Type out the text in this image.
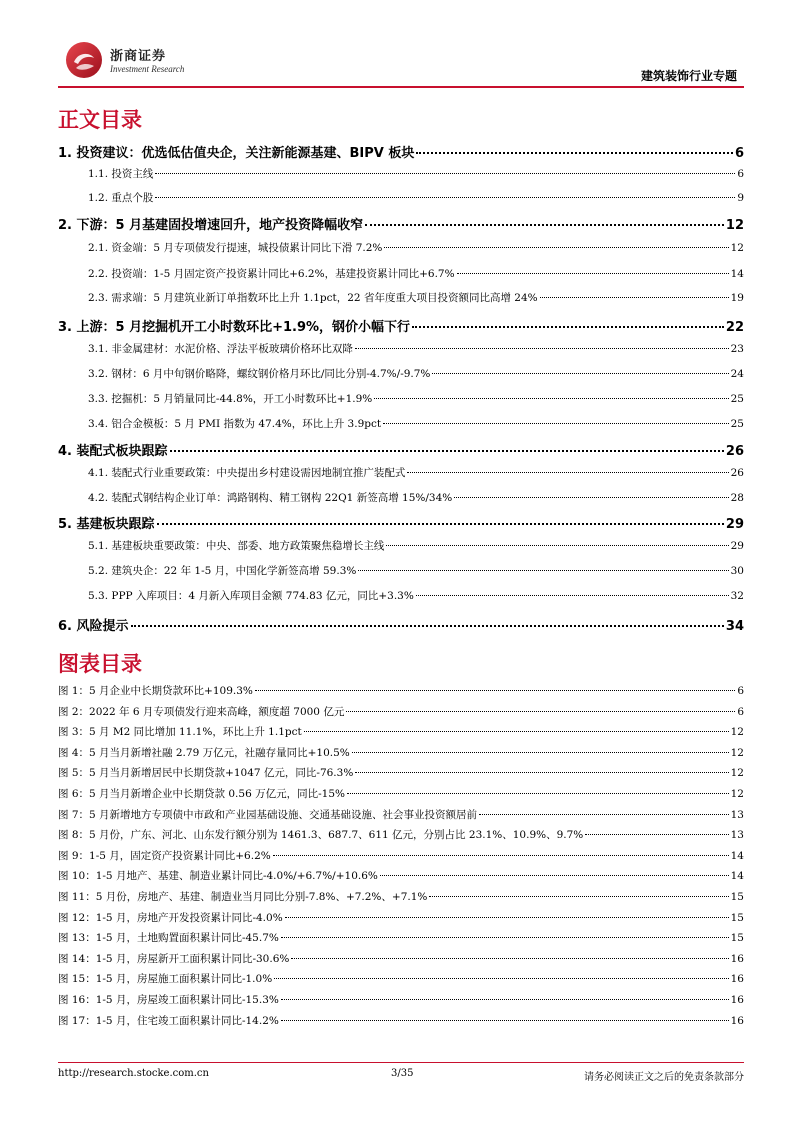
浙商证券
Investment Research	建筑装饰行业专题
正文目录
1. 投资建议：优选低估值央企，关注新能源基建、BIPV 板块	6
1.1. 投资主线	6
1.2. 重点个股	9
2. 下游：5 月基建固投增速回升，地产投资降幅收窄	12
2.1. 资金端：5 月专项债发行提速，城投债累计同比下滑 7.2%	12
2.2. 投资端：1-5 月固定资产投资累计同比+6.2%，基建投资累计同比+6.7%	14
2.3. 需求端：5 月建筑业新订单指数环比上升 1.1pct，22 省年度重大项目投资额同比高增 24%	19
3. 上游：5 月挖掘机开工小时数环比+1.9%，钢价小幅下行	22
3.1. 非金属建材：水泥价格、浮法平板玻璃价格环比双降	23
3.2. 钢材：6 月中旬钢价略降，螺纹钢价格月环比/同比分别-4.7%/-9.7%	24
3.3. 挖掘机：5 月销量同比-44.8%，开工小时数环比+1.9%	25
3.4. 铝合金模板：5 月 PMI 指数为 47.4%，环比上升 3.9pct	25
4. 装配式板块跟踪	26
4.1. 装配式行业重要政策：中央提出乡村建设需因地制宜推广装配式	26
4.2. 装配式钢结构企业订单：鸿路钢构、精工钢构 22Q1 新签高增 15%/34%	28
5. 基建板块跟踪	29
5.1. 基建板块重要政策：中央、部委、地方政策聚焦稳增长主线	29
5.2. 建筑央企：22 年 1-5 月，中国化学新签高增 59.3%	30
5.3. PPP 入库项目：4 月新入库项目金额 774.83 亿元，同比+3.3%	32
6. 风险提示	34
图表目录
图 1：5 月企业中长期贷款环比+109.3%	6
图 2：2022 年 6 月专项债发行迎来高峰，额度超 7000 亿元	6
图 3：5 月 M2 同比增加 11.1%，环比上升 1.1pct	12
图 4：5 月当月新增社融 2.79 万亿元，社融存量同比+10.5%	12
图 5：5 月当月新增居民中长期贷款+1047 亿元，同比-76.3%	12
图 6：5 月当月新增企业中长期贷款 0.56 万亿元，同比-15%	12
图 7：5 月新增地方专项债中市政和产业园基础设施、交通基础设施、社会事业投资额居前	13
图 8：5 月份，广东、河北、山东发行额分别为 1461.3、687.7、611 亿元，分别占比 23.1%、10.9%、9.7%	13
图 9：1-5 月，固定资产投资累计同比+6.2%	14
图 10：1-5 月地产、基建、制造业累计同比-4.0%/+6.7%/+10.6%	14
图 11：5 月份，房地产、基建、制造业当月同比分别-7.8%、+7.2%、+7.1%	15
图 12：1-5 月，房地产开发投资累计同比-4.0%	15
图 13：1-5 月，土地购置面积累计同比-45.7%	15
图 14：1-5 月，房屋新开工面积累计同比-30.6%	16
图 15：1-5 月，房屋施工面积累计同比-1.0%	16
图 16：1-5 月，房屋竣工面积累计同比-15.3%	16
图 17：1-5 月，住宅竣工面积累计同比-14.2%	16
http://research.stocke.com.cn	3/35	请务必阅读正文之后的免责条款部分
